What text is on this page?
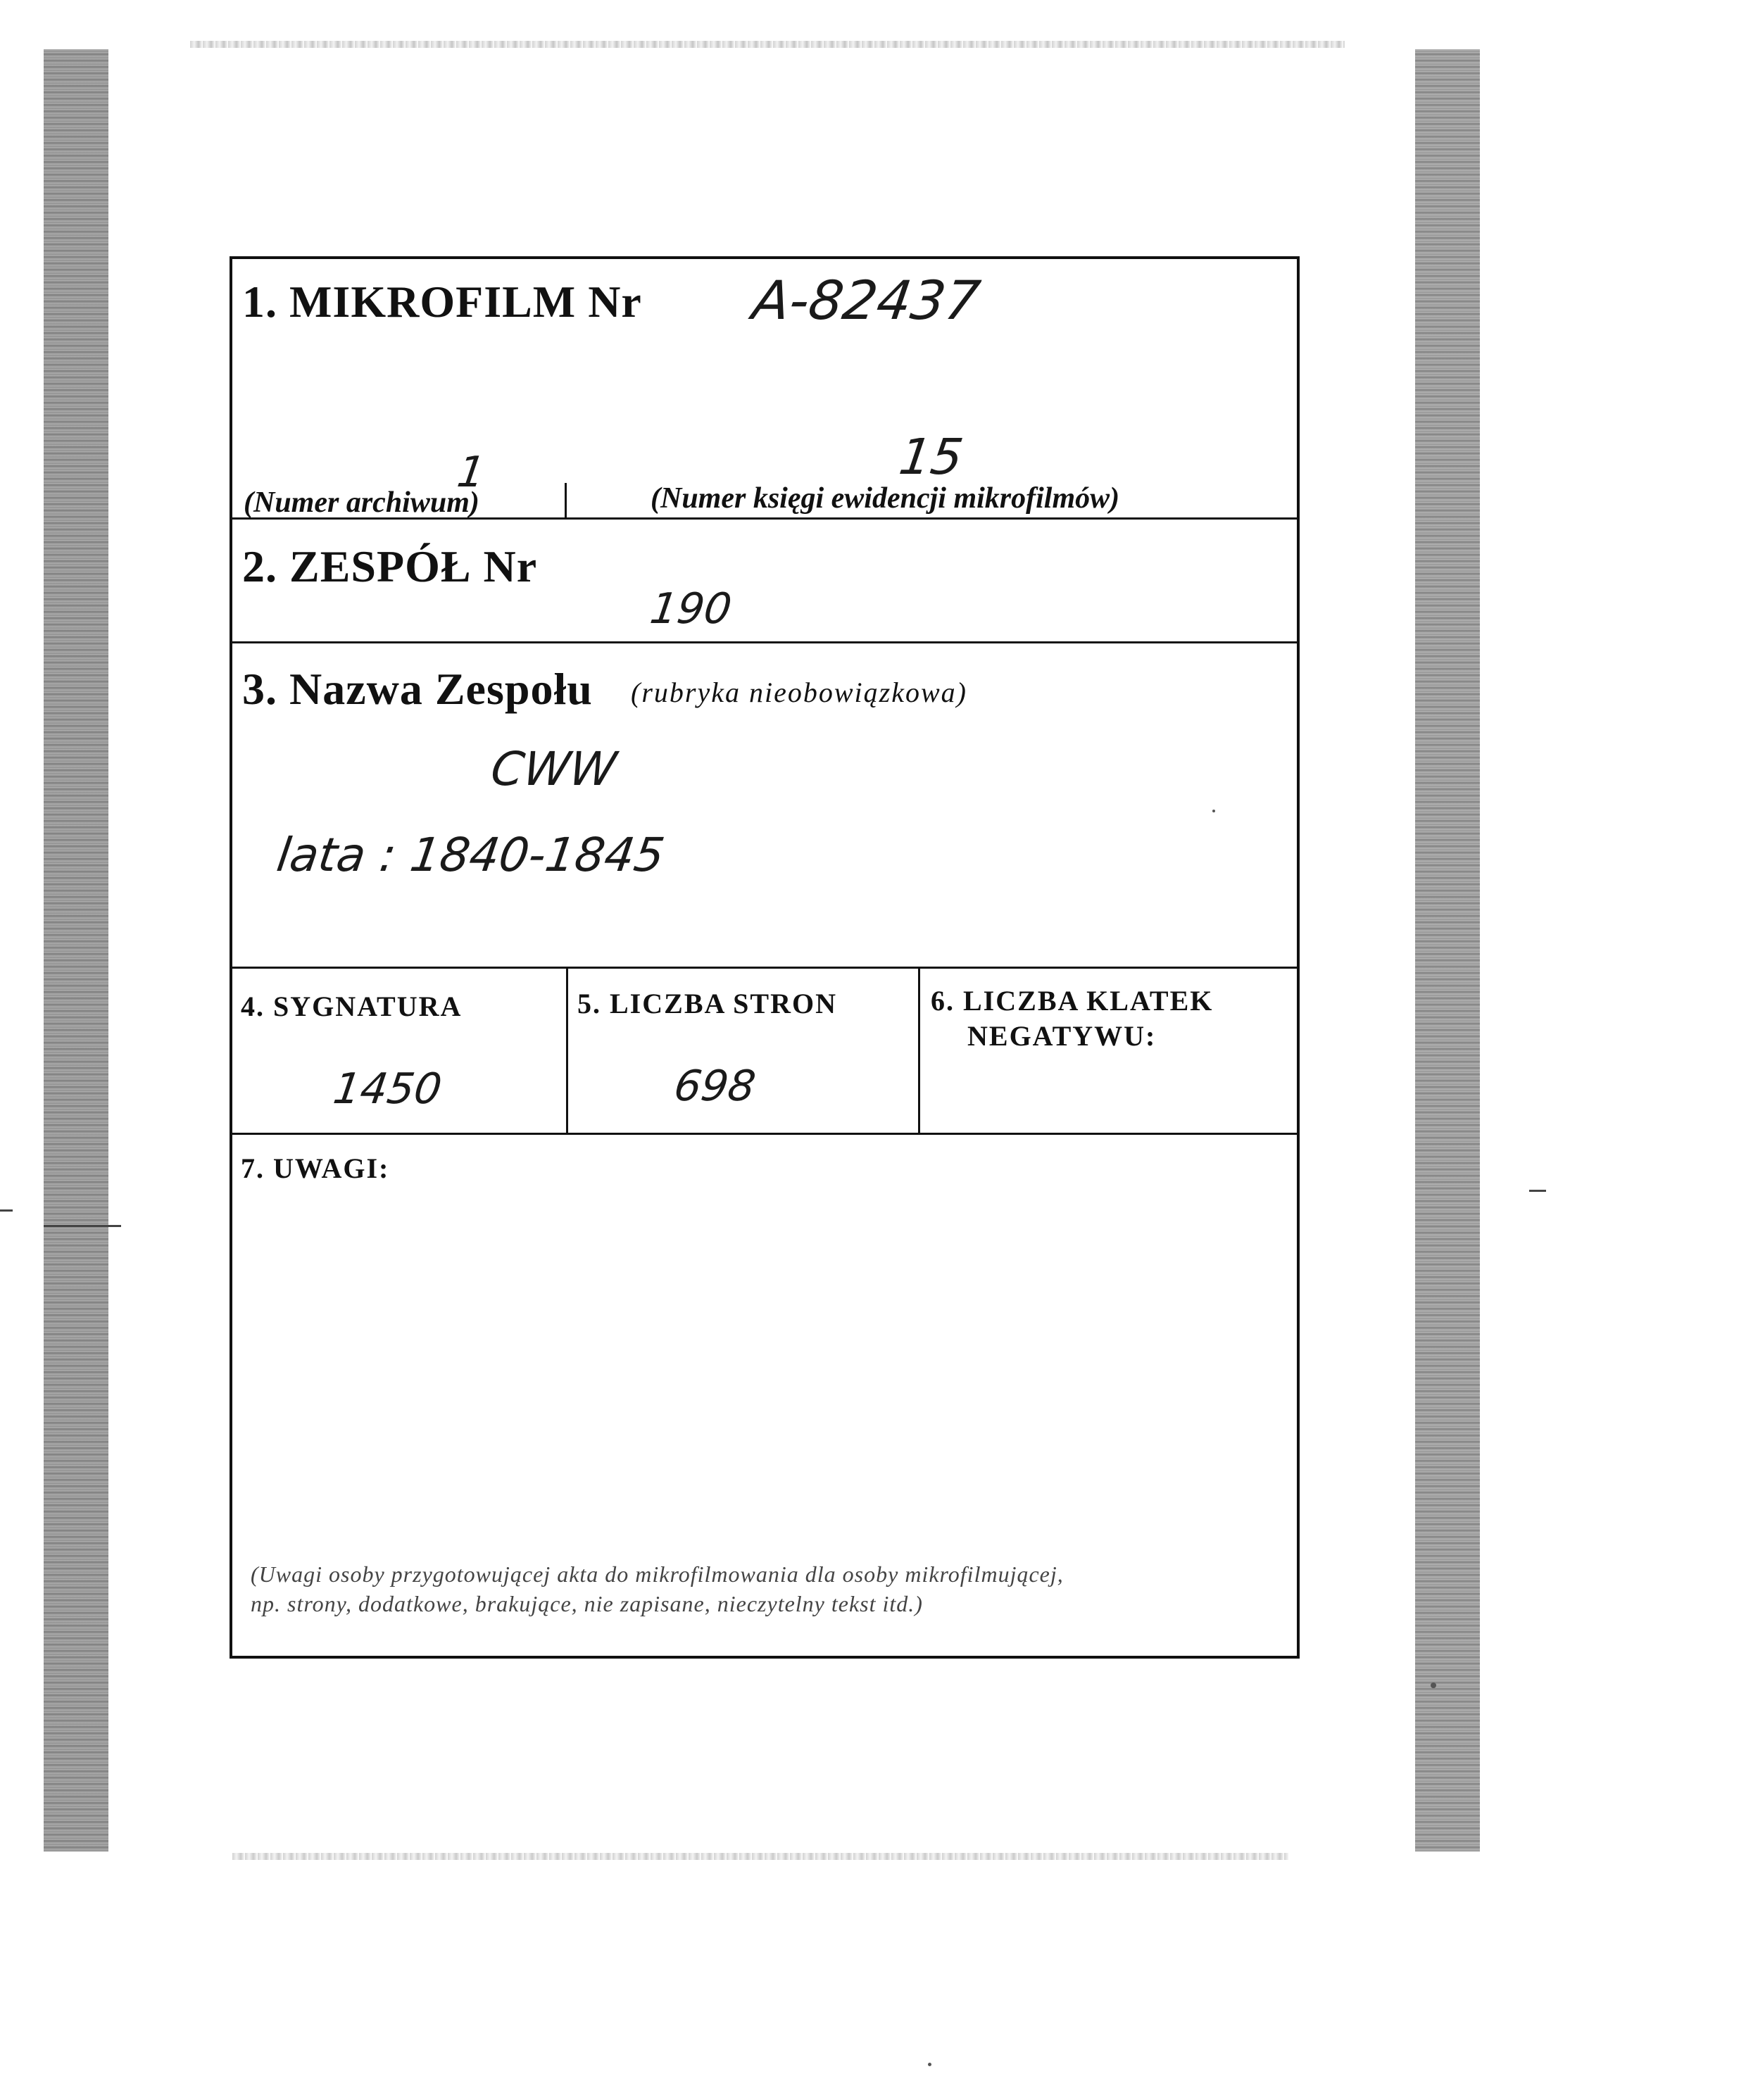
1. MIKROFILM Nr A-82437
1
(Numer archiwum)
15
(Numer księgi ewidencji mikrofilmów)
2. ZESPÓŁ Nr
190
3. Nazwa Zespołu (rubryka nieobowiązkowa)
CWW
lata : 1840-1845
4. SYGNATURA
1450
5. LICZBA STRON
698
6. LICZBA KLATEK
NEGATYWU:
7. UWAGI:
(Uwagi osoby przygotowującej akta do mikrofilmowania dla osoby mikrofilmującej,
np. strony, dodatkowe, brakujące, nie zapisane, nieczytelny tekst itd.)
